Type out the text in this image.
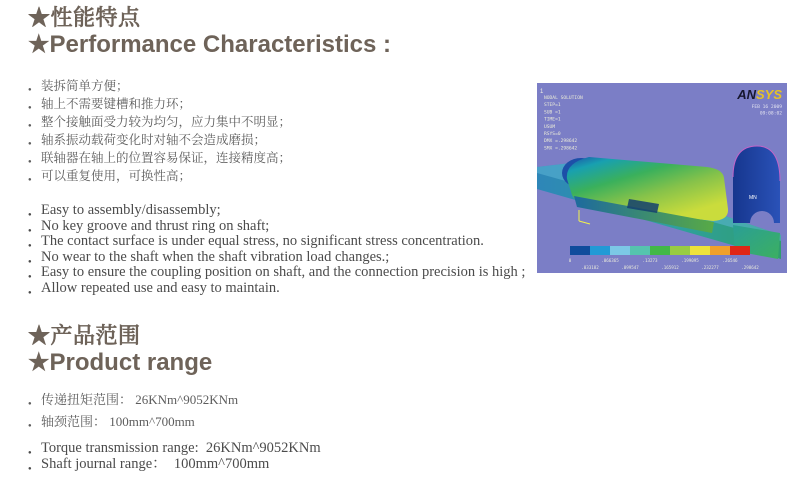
★性能特点
★Performance Characteristics :
● 装拆简单方便；
● 轴上不需要键槽和推力环；
● 整个接触面受力较为均匀，应力集中不明显；
● 轴系振动载荷变化时对轴不会造成磨损；
● 联轴器在轴上的位置容易保证，连接精度高；
● 可以重复使用，可换性高；
● Easy to assembly/disassembly;
● No key groove and thrust ring on shaft;
● The contact surface is under equal stress, no significant stress concentration.
● No wear to the shaft when the shaft vibration load changes.;
● Easy to ensure the coupling position on shaft, and the connection precision is high ;
● Allow repeated use and easy to maintain.
MN
1
NODAL SOLUTION
STEP=1
SUB =1
TIME=1
USUM
RSYS=0
DMX =.298642
SMX =.298642
ANSYS
FEB 16 2009
09:08:02
0	.066365	.13273	.199095	.26546
.033182	.099547	.165912	.232277	.298642
★产品范围
★Product range
● 传递扭矩范围： 26KNm^9052KNm
● 轴颈范围： 100mm^700mm
● Torque transmission range:  26KNm^9052KNm
● Shaft journal range：  100mm^700mm
